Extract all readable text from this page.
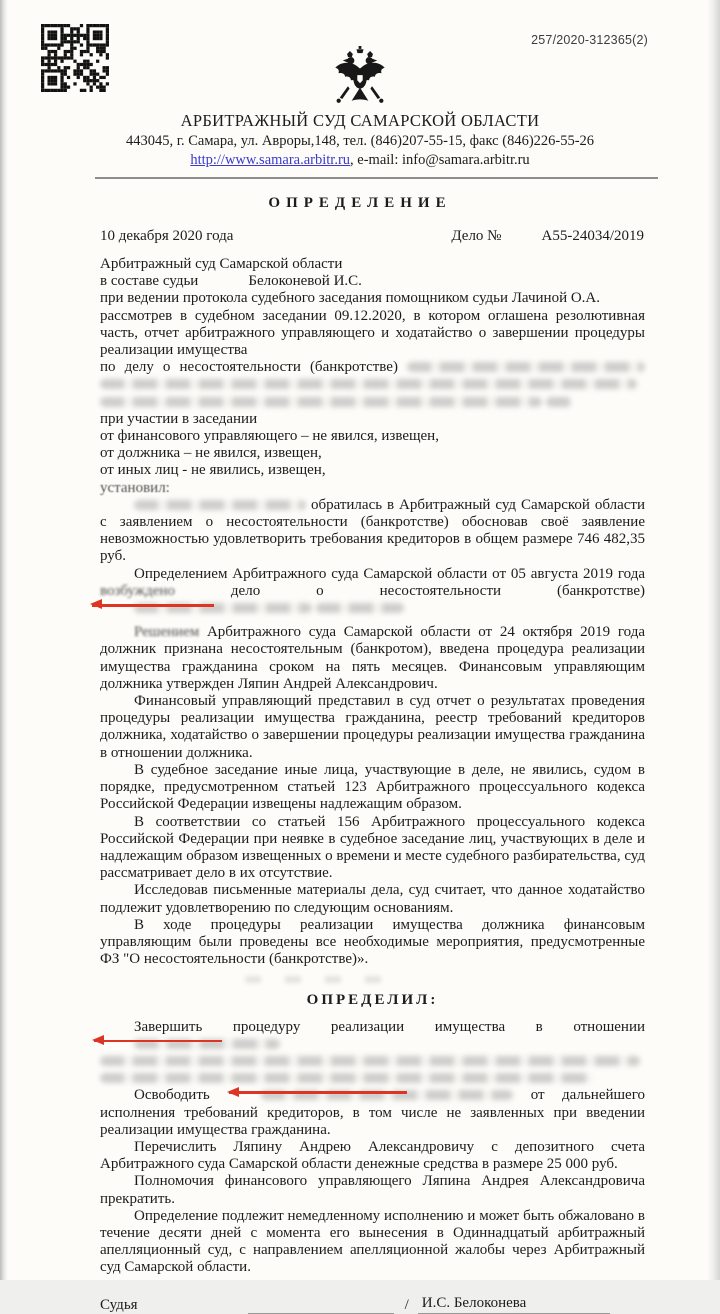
257/2020-312365(2)
АРБИТРАЖНЫЙ СУД САМАРСКОЙ ОБЛАСТИ
443045, г. Самара, ул. Авроры,148, тел. (846)207-55-15, факс (846)226-55-26
http://www.samara.arbitr.ru, e-mail: info@samara.arbitr.ru
ОПРЕДЕЛЕНИЕ
10 декабря 2020 года	Дело №	А55-24034/2019

Арбитражный суд Самарской области

в составе судьи	Белоконевой И.С.

при ведении протокола судебного заседания помощником судьи Лачиной О.А.

рассмотрев в судебном заседании 09.12.2020, в котором оглашена резолютивная часть, отчет арбитражного управляющего и ходатайство о завершении процедуры реализации имущества

по делу о несостоятельности (банкротстве)

при участии в заседании

от финансового управляющего – не явился, извещен,

от должника – не явился, извещен,

от иных лиц - не явились, извещен,

установил:

обратилась в Арбитражный суд Самарской области с заявлением о несостоятельности (банкротстве) обосновав своё заявление невозможностью удовлетворить требования кредиторов в общем размере 746 482,35 руб.

Определением Арбитражного суда Самарской области от 05 августа 2019 года возбуждено	дело о несостоятельности (банкротстве)

Решением Арбитражного суда Самарской области от 24 октября 2019 года должник признана несостоятельным (банкротом), введена процедура реализации имущества гражданина сроком на пять месяцев. Финансовым управляющим должника утвержден Ляпин Андрей Александрович.

Финансовый управляющий представил в суд отчет о результатах проведения процедуры реализации имущества гражданина, реестр требований кредиторов должника, ходатайство о завершении процедуры реализации имущества гражданина в отношении должника.

В судебное заседание иные лица, участвующие в деле, не явились, судом в порядке, предусмотренном статьей 123 Арбитражного процессуального кодекса Российской Федерации извещены надлежащим образом.

В соответствии со статьей 156 Арбитражного процессуального кодекса Российской Федерации при неявке в судебное заседание лиц, участвующих в деле и надлежащим образом извещенных о времени и месте судебного разбирательства, суд рассматривает дело в их отсутствие.

Исследовав письменные материалы дела, суд считает, что данное ходатайство подлежит удовлетворению по следующим основаниям.

В ходе процедуры реализации имущества должника финансовым управляющим были проведены все необходимые мероприятия, предусмотренные ФЗ "О несостоятельности (банкротстве)».

ОПРЕДЕЛИЛ:

Завершить процедуру реализации имущества в отношении

Освободить	от дальнейшего исполнения требований кредиторов, в том числе не заявленных при введении реализации имущества гражданина.

Перечислить Ляпину Андрею Александровичу с депозитного счета Арбитражного суда Самарской области денежные средства в размере 25 000 руб.

Полномочия финансового управляющего Ляпина Андрея Александровича прекратить.

Определение подлежит немедленному исполнению и может быть обжаловано в течение десяти дней с момента его вынесения в Одиннадцатый арбитражный апелляционный суд, с направлением апелляционной жалобы через Арбитражный суд Самарской области.

Судья	/ И.С. Белоконева
